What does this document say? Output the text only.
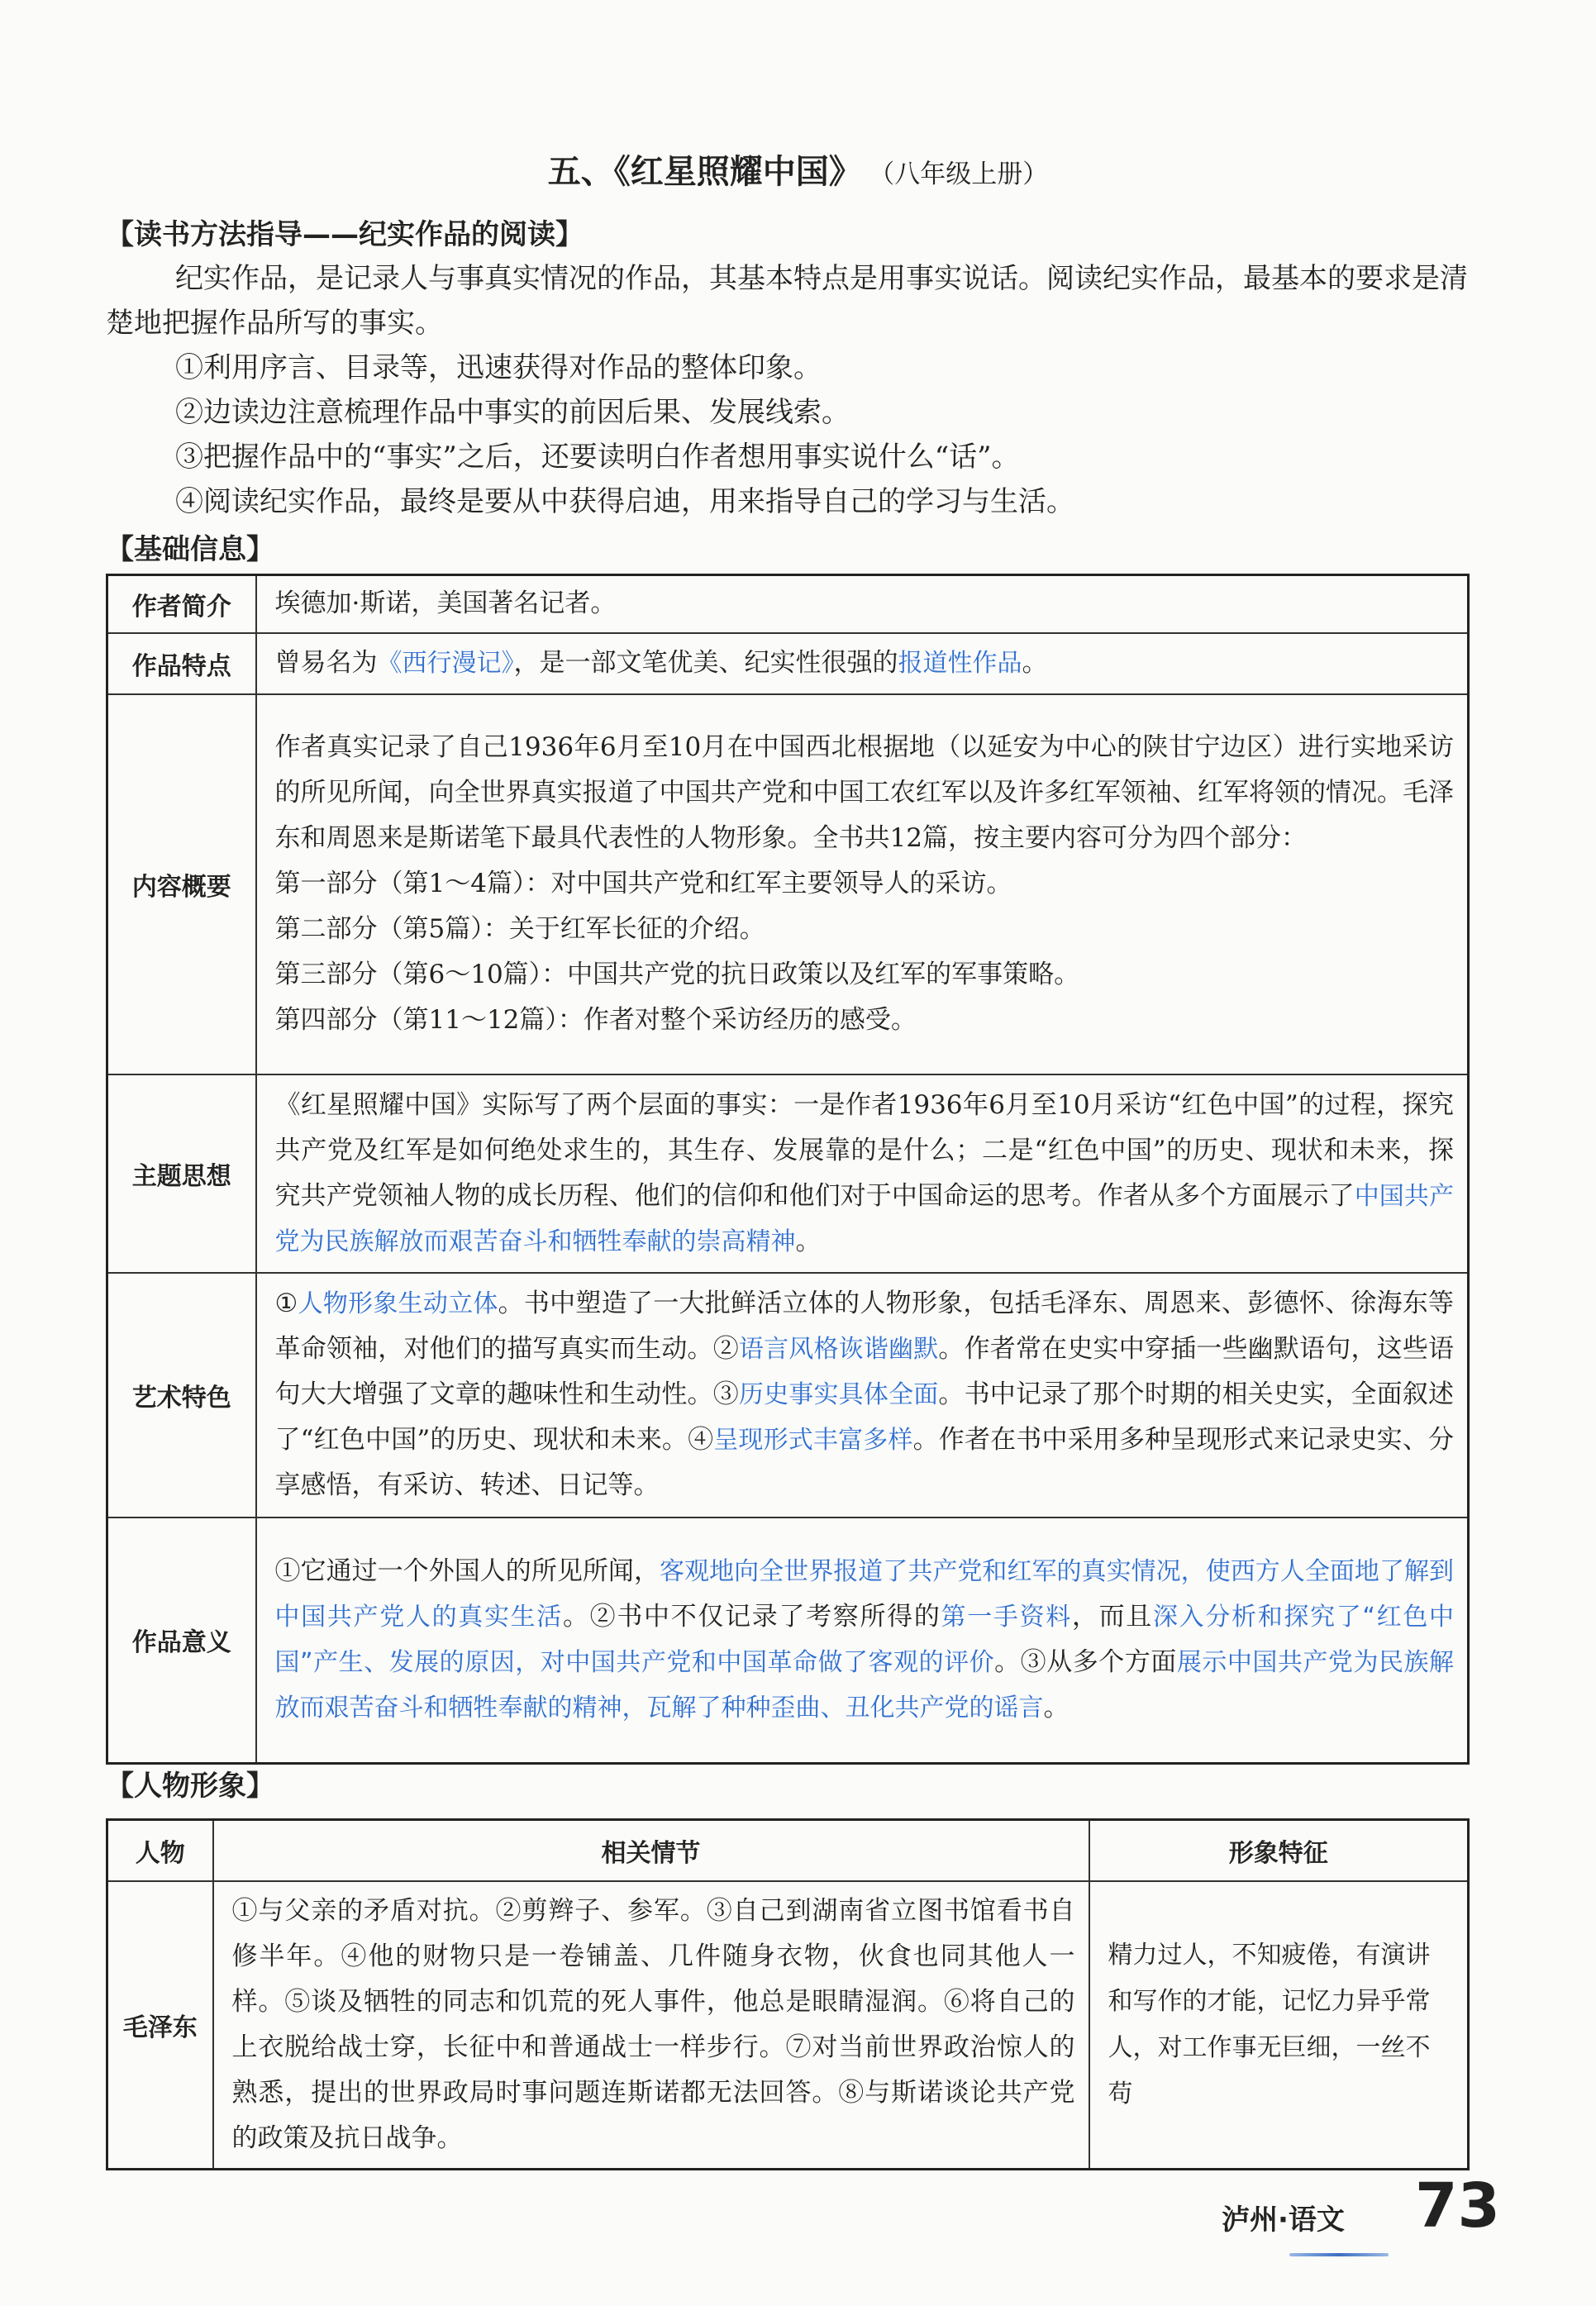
五、《红星照耀中国》 （八年级上册）
【读书方法指导——纪实作品的阅读】
纪实作品，是记录人与事真实情况的作品，其基本特点是用事实说话。阅读纪实作品，最基本的要求是清楚地把握作品所写的事实。
①利用序言、目录等，迅速获得对作品的整体印象。
②边读边注意梳理作品中事实的前因后果、发展线索。
③把握作品中的“事实”之后，还要读明白作者想用事实说什么“话”。
④阅读纪实作品，最终是要从中获得启迪，用来指导自己的学习与生活。
【基础信息】
作者简介	埃德加·斯诺，美国著名记者。
作品特点	曾易名为《西行漫记》，是一部文笔优美、纪实性很强的报道性作品。
内容概要	作者真实记录了自己1936年6月至10月在中国西北根据地（以延安为中心的陕甘宁边区）进行实地采访的所见所闻，向全世界真实报道了中国共产党和中国工农红军以及许多红军领袖、红军将领的情况。毛泽东和周恩来是斯诺笔下最具代表性的人物形象。全书共12篇，按主要内容可分为四个部分：
第一部分（第1～4篇）：对中国共产党和红军主要领导人的采访。
第二部分（第5篇）：关于红军长征的介绍。
第三部分（第6～10篇）：中国共产党的抗日政策以及红军的军事策略。
第四部分（第11～12篇）：作者对整个采访经历的感受。

主题思想	《红星照耀中国》实际写了两个层面的事实：一是作者1936年6月至10月采访“红色中国”的过程，探究共产党及红军是如何绝处求生的，其生存、发展靠的是什么；二是“红色中国”的历史、现状和未来，探究共产党领袖人物的成长历程、他们的信仰和他们对于中国命运的思考。作者从多个方面展示了中国共产党为民族解放而艰苦奋斗和牺牲奉献的崇高精神。
艺术特色	①人物形象生动立体。书中塑造了一大批鲜活立体的人物形象，包括毛泽东、周恩来、彭德怀、徐海东等革命领袖，对他们的描写真实而生动。②语言风格诙谐幽默。作者常在史实中穿插一些幽默语句，这些语句大大增强了文章的趣味性和生动性。③历史事实具体全面。书中记录了那个时期的相关史实，全面叙述了“红色中国”的历史、现状和未来。④呈现形式丰富多样。作者在书中采用多种呈现形式来记录史实、分享感悟，有采访、转述、日记等。
作品意义	①它通过一个外国人的所见所闻，客观地向全世界报道了共产党和红军的真实情况，使西方人全面地了解到中国共产党人的真实生活。②书中不仅记录了考察所得的第一手资料，而且深入分析和探究了“红色中国”产生、发展的原因，对中国共产党和中国革命做了客观的评价。③从多个方面展示中国共产党为民族解放而艰苦奋斗和牺牲奉献的精神，瓦解了种种歪曲、丑化共产党的谣言。
【人物形象】
人物	相关情节	形象特征
毛泽东	①与父亲的矛盾对抗。②剪辫子、参军。③自己到湖南省立图书馆看书自修半年。④他的财物只是一卷铺盖、几件随身衣物，伙食也同其他人一样。⑤谈及牺牲的同志和饥荒的死人事件，他总是眼睛湿润。⑥将自己的上衣脱给战士穿，长征中和普通战士一样步行。⑦对当前世界政治惊人的熟悉，提出的世界政局时事问题连斯诺都无法回答。⑧与斯诺谈论共产党的政策及抗日战争。	精力过人，不知疲倦，有演讲和写作的才能，记忆力异乎常人，对工作事无巨细，一丝不苟
泸州·语文 73
